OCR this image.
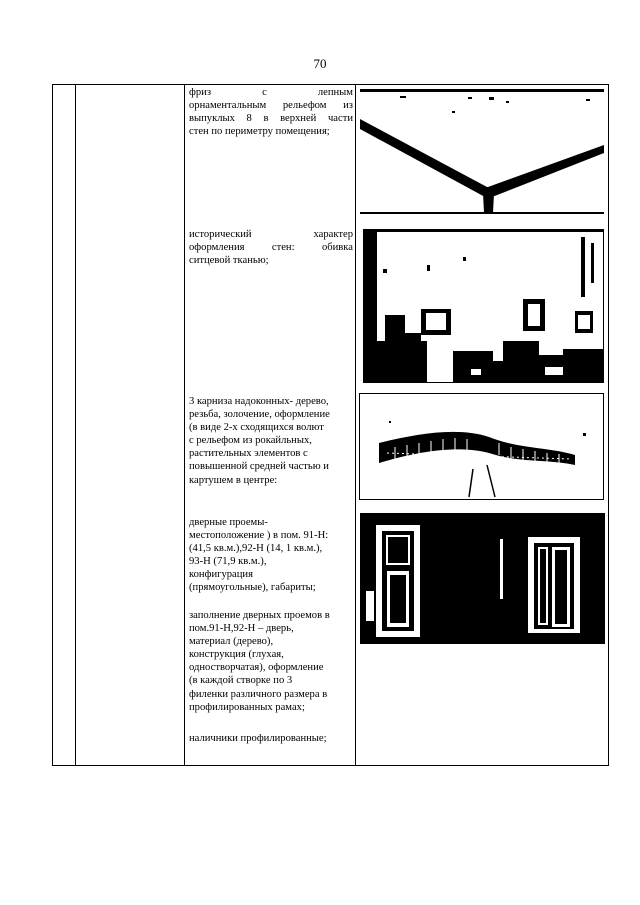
70
фриз с лепным
орнаментальным рельефом из
выпуклых 8 в верхней части
стен по периметру помещения;
исторический характер
оформления стен: обивка
ситцевой тканью;
3 карниза надоконных- дерево,
резьба, золочение, оформление
(в виде 2-х сходящихся волют
с рельефом из рокайльных,
растительных элементов с
повышенной средней частью и
картушем в центре:
дверные проемы-
местоположение ) в пом. 91-Н:
(41,5 кв.м.),92-Н (14, 1 кв.м.),
93-Н (71,9 кв.м.),
конфигурация
(прямоугольные), габариты;
заполнение дверных проемов в
пом.91-Н,92-Н – дверь,
материал (дерево),
конструкция (глухая,
одностворчатая), оформление
(в каждой створке по 3
филенки различного размера в
профилированных рамах;
наличники профилированные;
